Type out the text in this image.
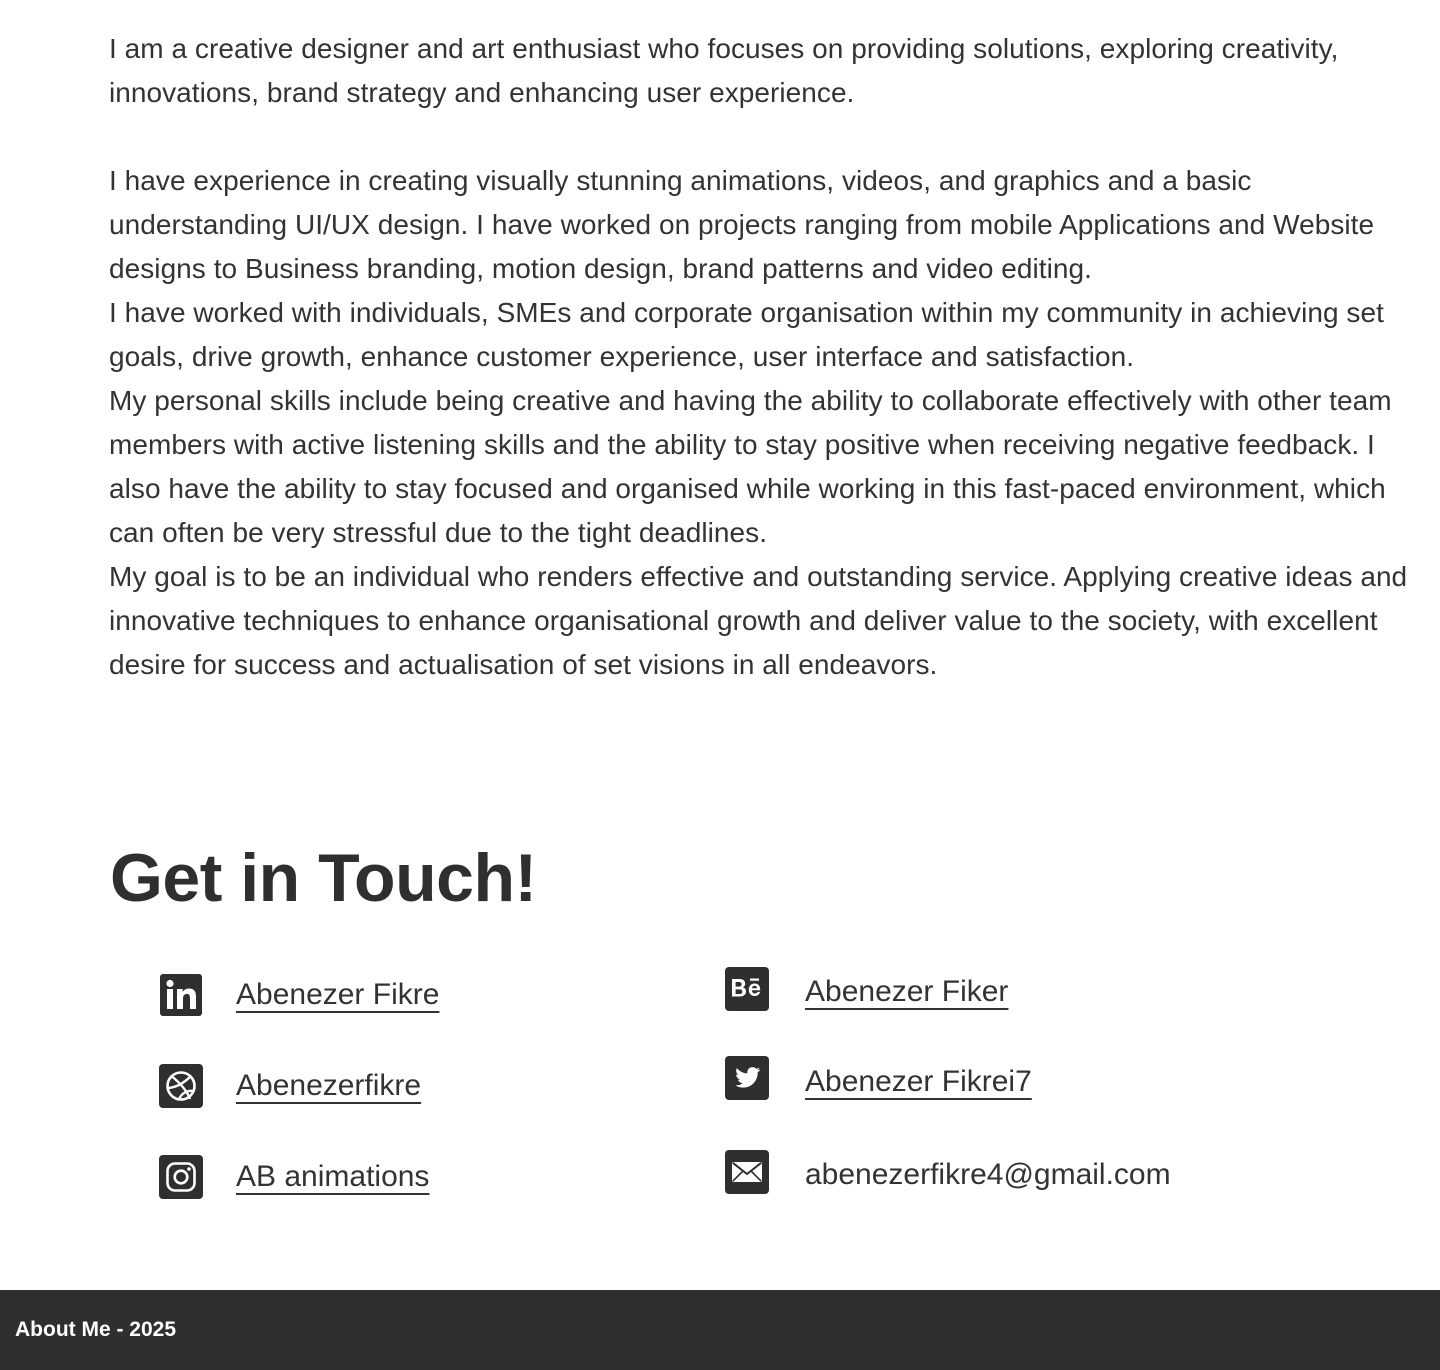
I am a creative designer and art enthusiast who focuses on providing solutions, exploring creativity, innovations, brand strategy and enhancing user experience.

I have experience in creating visually stunning animations, videos, and graphics and a basic understanding UI/UX design. I have worked on projects ranging from mobile Applications and Website designs to Business branding, motion design, brand patterns and video editing.

I have worked with individuals, SMEs and corporate organisation within my community in achieving set goals, drive growth, enhance customer experience, user interface and satisfaction.

My personal skills include being creative and having the ability to collaborate effectively with other team members with active listening skills and the ability to stay positive when receiving negative feedback. I also have the ability to stay focused and organised while working in this fast-paced environment, which can often be very stressful due to the tight deadlines.

My goal is to be an individual who renders effective and outstanding service. Applying creative ideas and innovative techniques to enhance organisational growth and deliver value to the society, with excellent desire for success and actualisation of set visions in all endeavors.

Get in Touch!
Abenezer Fikre
Abenezerfikre
AB animations
Abenezer Fiker
Abenezer Fikrei7
abenezerfikre4@gmail.com
About Me - 2025
